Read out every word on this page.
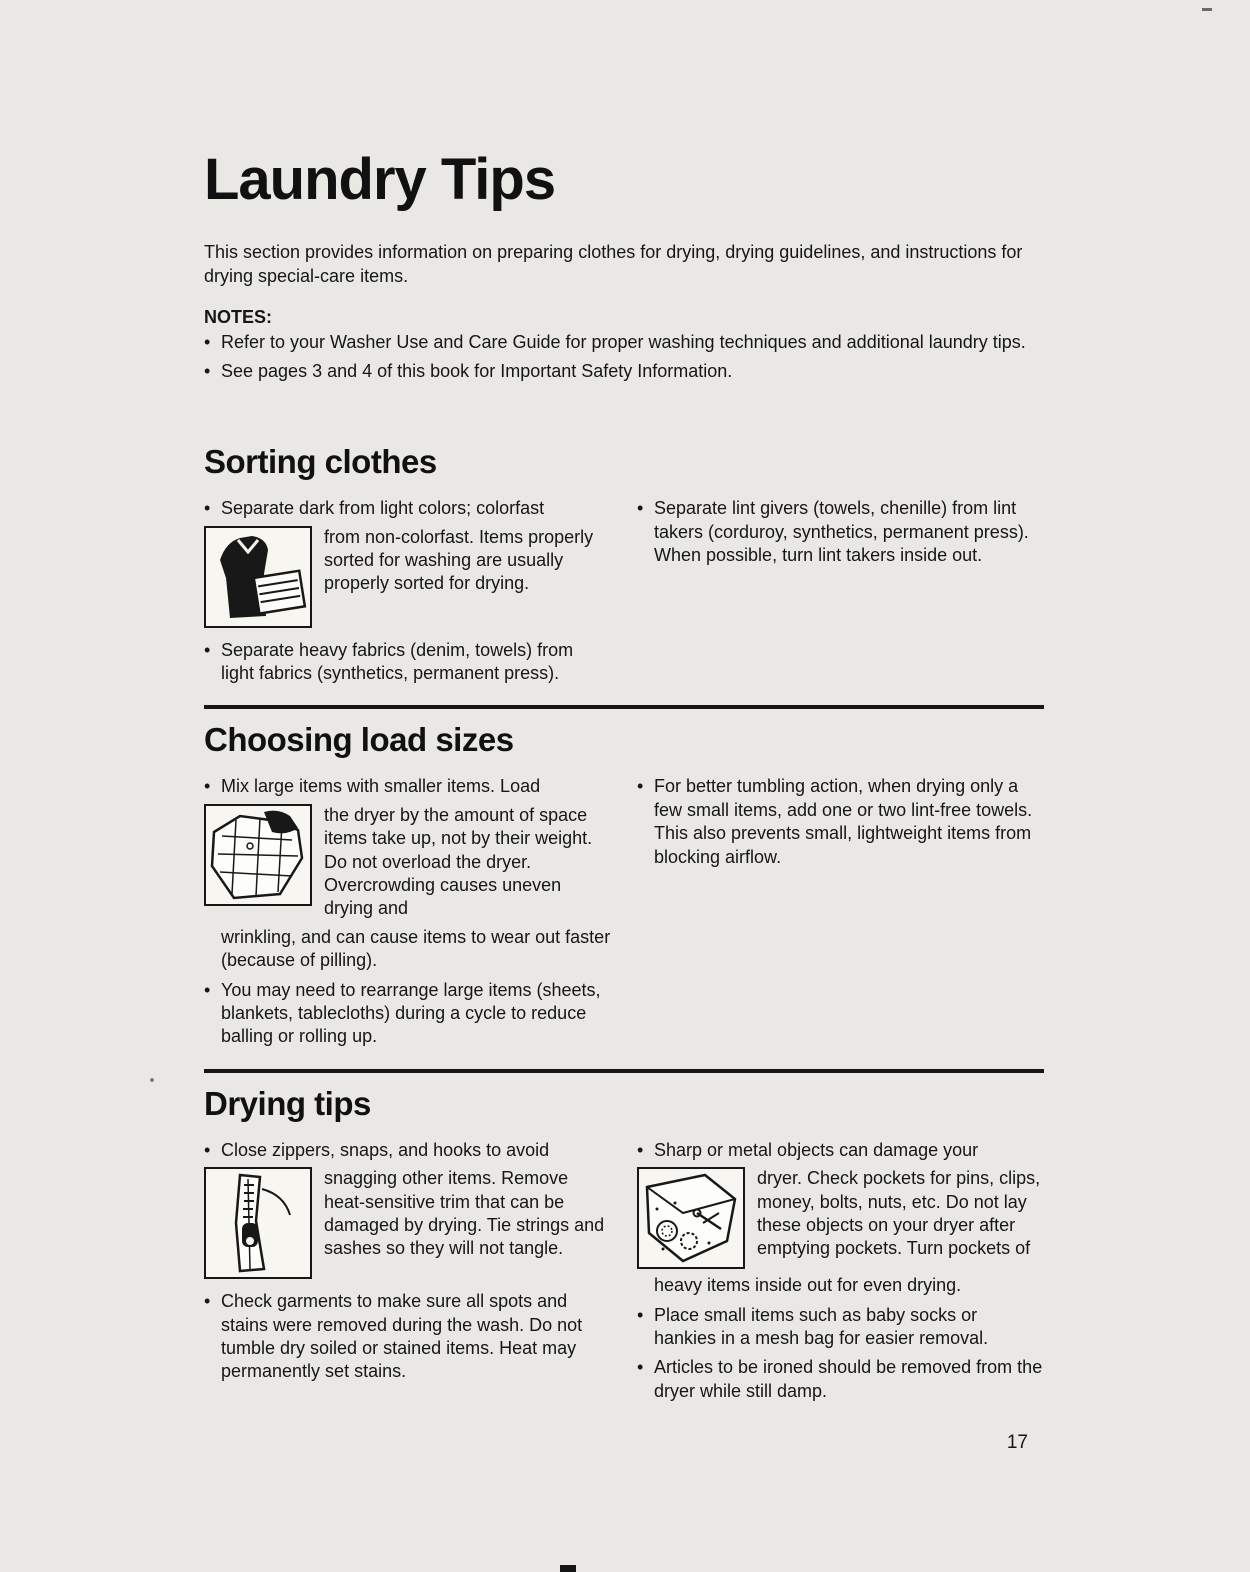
Laundry Tips

This section provides information on preparing clothes for drying, drying guidelines, and instructions for drying special-care items.

NOTES:

• Refer to your Washer Use and Care Guide for proper washing techniques and additional laundry tips.
• See pages 3 and 4 of this book for Important Safety Information.
Sorting clothes
• Separate dark from light colors; colorfast
from non-colorfast. Items properly sorted for washing are usually properly sorted for drying.
• Separate heavy fabrics (denim, towels) from light fabrics (synthetics, permanent press).
• Separate lint givers (towels, chenille) from lint takers (corduroy, synthetics, permanent press). When possible, turn lint takers inside out.
Choosing load sizes
• Mix large items with smaller items. Load
the dryer by the amount of space items take up, not by their weight. Do not overload the dryer. Overcrowding causes uneven drying and
wrinkling, and can cause items to wear out faster (because of pilling).
• You may need to rearrange large items (sheets, blankets, tablecloths) during a cycle to reduce balling or rolling up.
• For better tumbling action, when drying only a few small items, add one or two lint-free towels. This also prevents small, lightweight items from blocking airflow.
Drying tips
• Close zippers, snaps, and hooks to avoid
snagging other items. Remove heat-sensitive trim that can be damaged by drying. Tie strings and sashes so they will not tangle.
• Check garments to make sure all spots and stains were removed during the wash. Do not tumble dry soiled or stained items. Heat may permanently set stains.
• Sharp or metal objects can damage your
dryer. Check pockets for pins, clips, money, bolts, nuts, etc. Do not lay these objects on your dryer after emptying pockets. Turn pockets of
heavy items inside out for even drying.
• Place small items such as baby socks or hankies in a mesh bag for easier removal.
• Articles to be ironed should be removed from the dryer while still damp.
17
